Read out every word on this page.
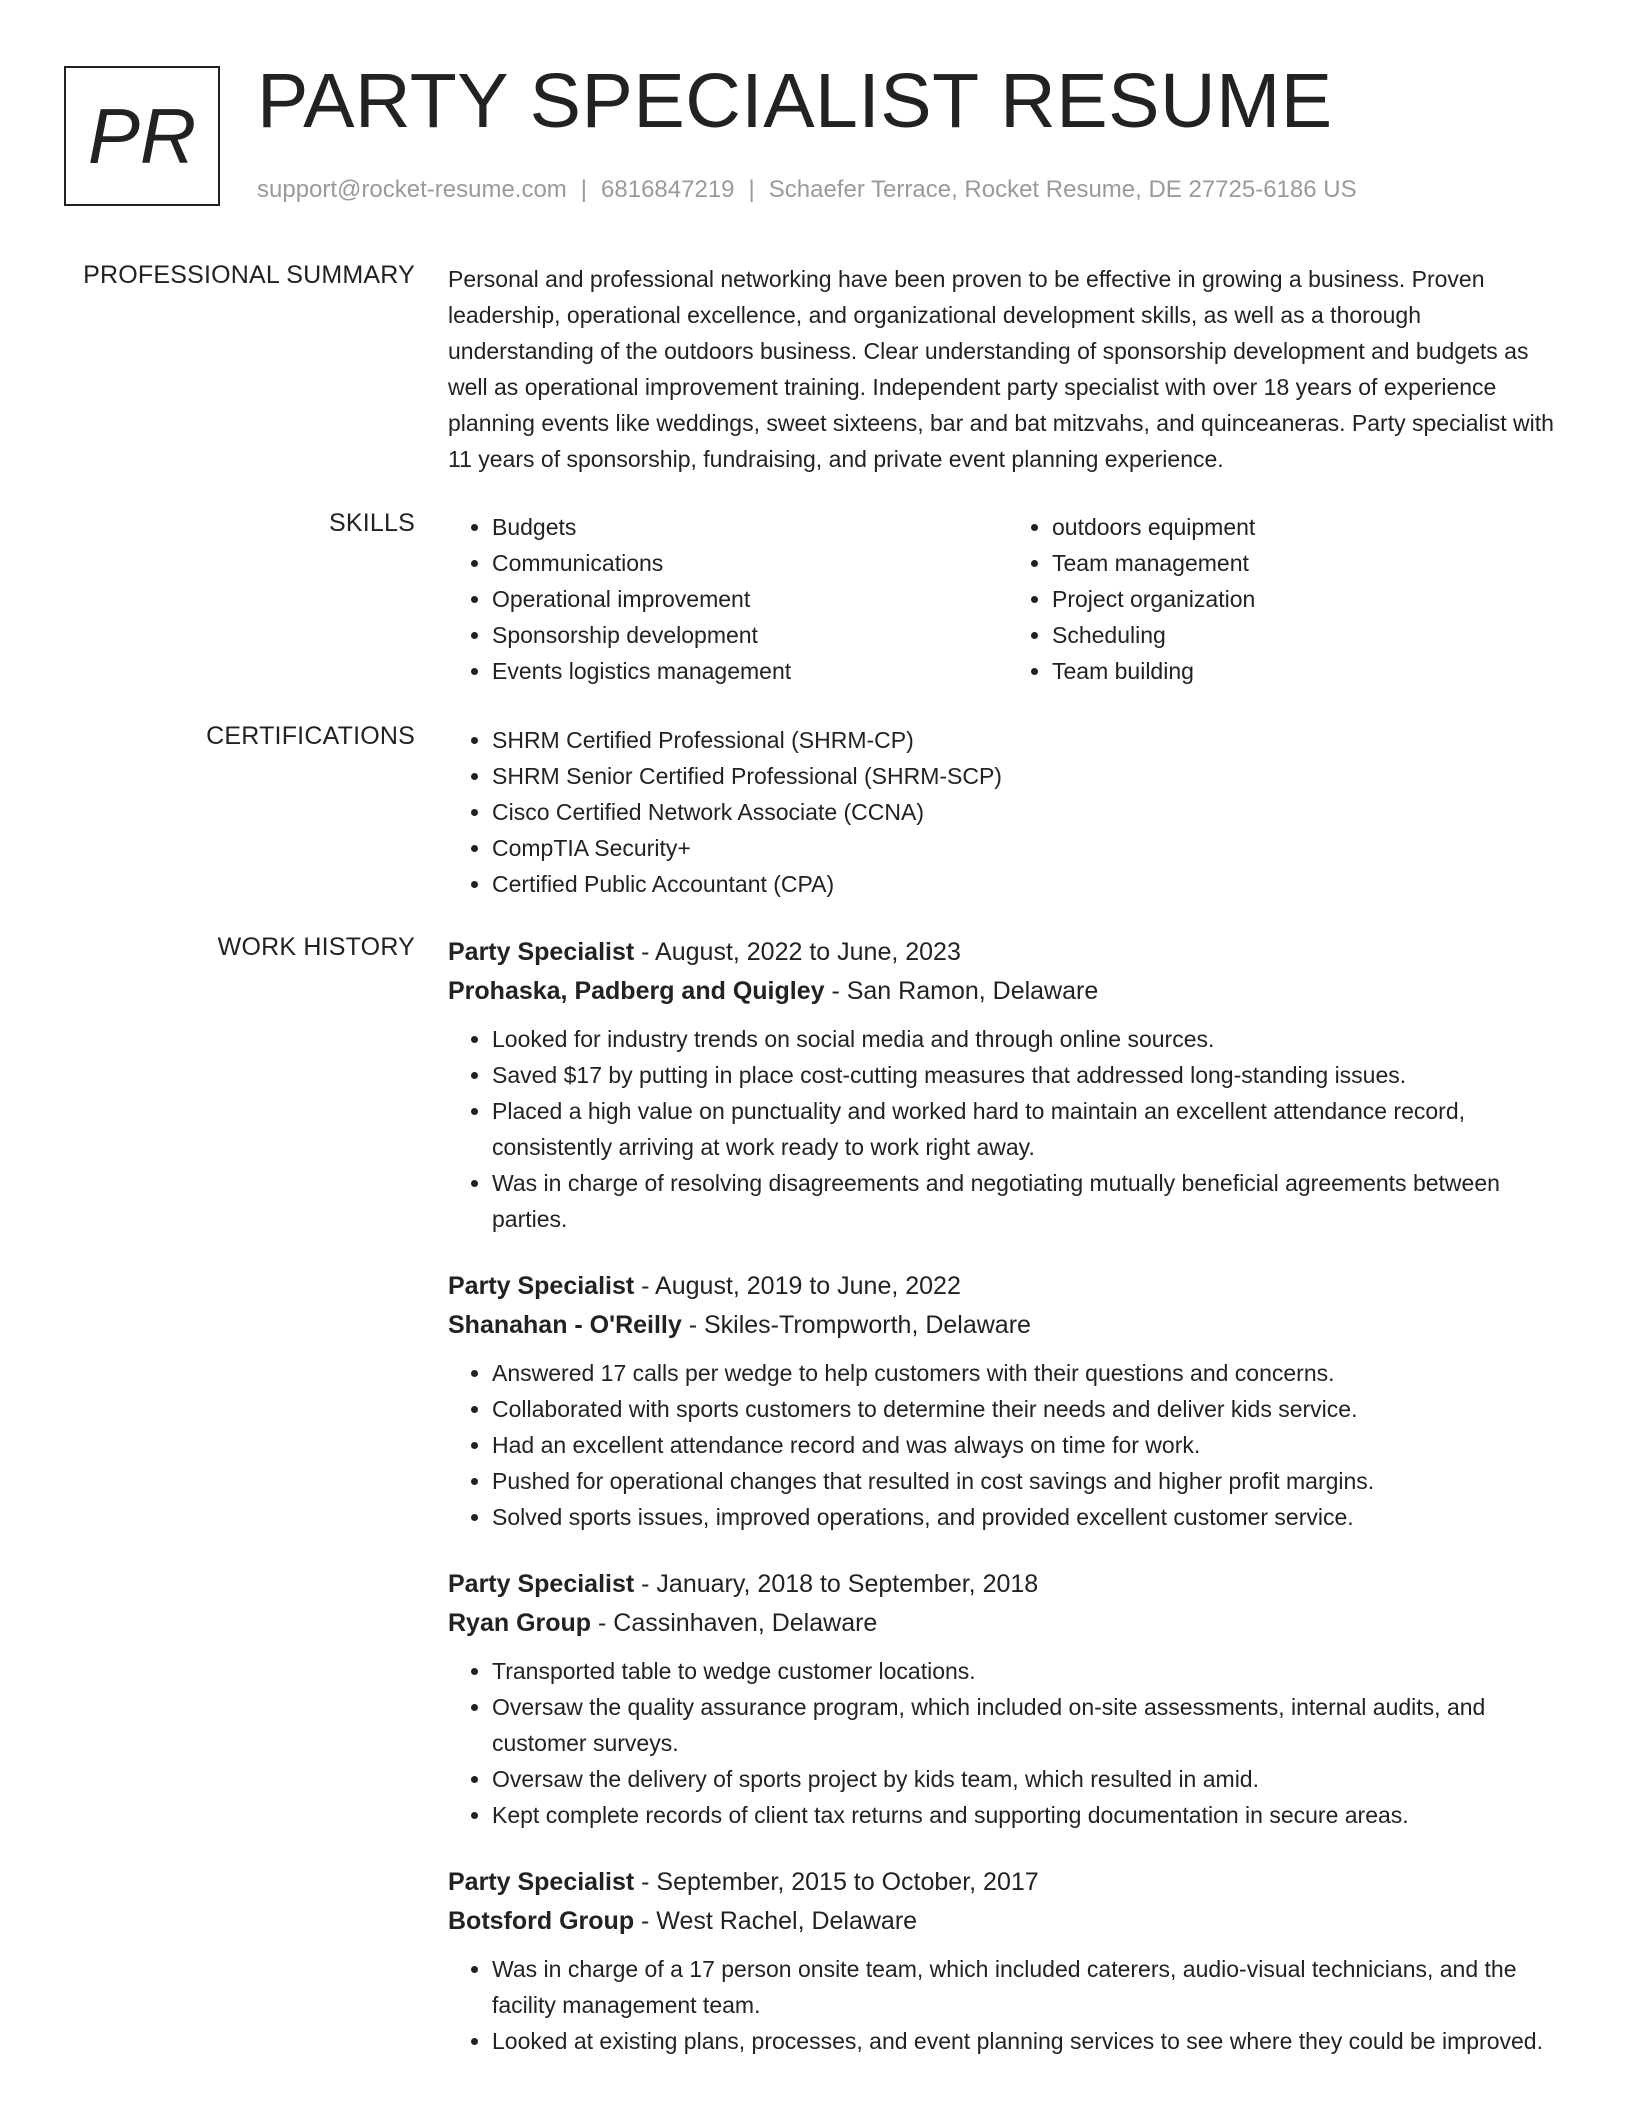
PR PARTY SPECIALIST RESUME
support@rocket-resume.com | 6816847219 | Schaefer Terrace, Rocket Resume, DE 27725-6186 US
PROFESSIONAL SUMMARY Personal and professional networking have been proven to be effective in growing a business. Proven leadership, operational excellence, and organizational development skills, as well as a thorough understanding of the outdoors business. Clear understanding of sponsorship development and budgets as well as operational improvement training. Independent party specialist with over 18 years of experience planning events like weddings, sweet sixteens, bar and bat mitzvahs, and quinceaneras. Party specialist with 11 years of sponsorship, fundraising, and private event planning experience.

SKILLS	• Budgets
• Communications
• Operational improvement
• Sponsorship development
• Events logistics management
• outdoors equipment
• Team management
• Project organization
• Scheduling
• Team building
CERTIFICATIONS	• SHRM Certified Professional (SHRM-CP)
• SHRM Senior Certified Professional (SHRM-SCP)
• Cisco Certified Network Associate (CCNA)
• CompTIA Security+
• Certified Public Accountant (CPA)
WORK HISTORY Party Specialist - August, 2022 to June, 2023
Prohaska, Padberg and Quigley - San Ramon, Delaware
• Looked for industry trends on social media and through online sources.
• Saved $17 by putting in place cost-cutting measures that addressed long-standing issues.
• Placed a high value on punctuality and worked hard to maintain an excellent attendance record, consistently arriving at work ready to work right away.
• Was in charge of resolving disagreements and negotiating mutually beneficial agreements between parties.
Party Specialist - August, 2019 to June, 2022
Shanahan - O'Reilly - Skiles-Trompworth, Delaware
• Answered 17 calls per wedge to help customers with their questions and concerns.
• Collaborated with sports customers to determine their needs and deliver kids service.
• Had an excellent attendance record and was always on time for work.
• Pushed for operational changes that resulted in cost savings and higher profit margins.
• Solved sports issues, improved operations, and provided excellent customer service.
Party Specialist - January, 2018 to September, 2018
Ryan Group - Cassinhaven, Delaware
• Transported table to wedge customer locations.
• Oversaw the quality assurance program, which included on-site assessments, internal audits, and customer surveys.
• Oversaw the delivery of sports project by kids team, which resulted in amid.
• Kept complete records of client tax returns and supporting documentation in secure areas.
Party Specialist - September, 2015 to October, 2017
Botsford Group - West Rachel, Delaware
• Was in charge of a 17 person onsite team, which included caterers, audio-visual technicians, and the facility management team.
• Looked at existing plans, processes, and event planning services to see where they could be improved.
